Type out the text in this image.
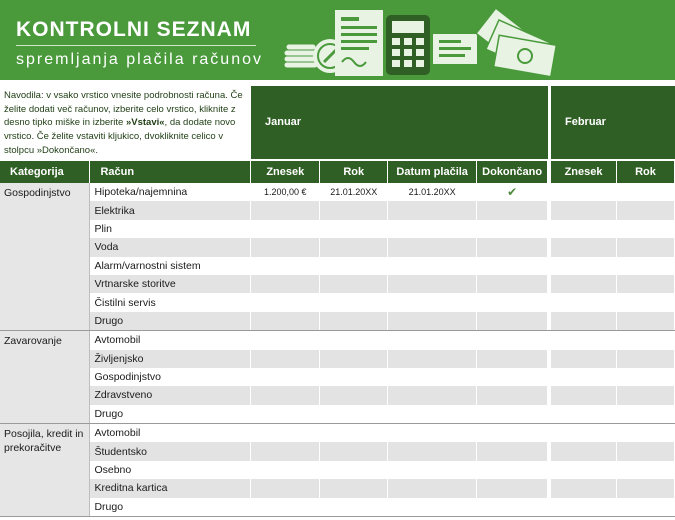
KONTROLNI SEZNAM
spremljanja plačila računov
Navodila: v vsako vrstico vnesite podrobnosti računa. Če želite dodati več računov, izberite celo vrstico, kliknite z desno tipko miške in izberite »Vstavi«, da dodate novo vrstico. Če želite vstaviti kljukico, dvokliknite celico v stolpcu »Dokončano«.
Januar	Februar
Kategorija	Račun	Znesek	Rok	Datum plačila	Dokončano		Znesek	Rok
Gospodinjstvo	Hipoteka/najemnina	1.200,00 €	21.01.20XX	21.01.20XX	✔			
	Elektrika							
	Plin							
	Voda							
	Alarm/varnostni sistem							
	Vrtnarske storitve							
	Čistilni servis							
	Drugo							
Zavarovanje	Avtomobil							
	Življenjsko							
	Gospodinjstvo							
	Zdravstveno							
	Drugo							
Posojila, kredit in prekoračitve	Avtomobil							
	Študentsko							
	Osebno							
	Kreditna kartica							
	Drugo							
